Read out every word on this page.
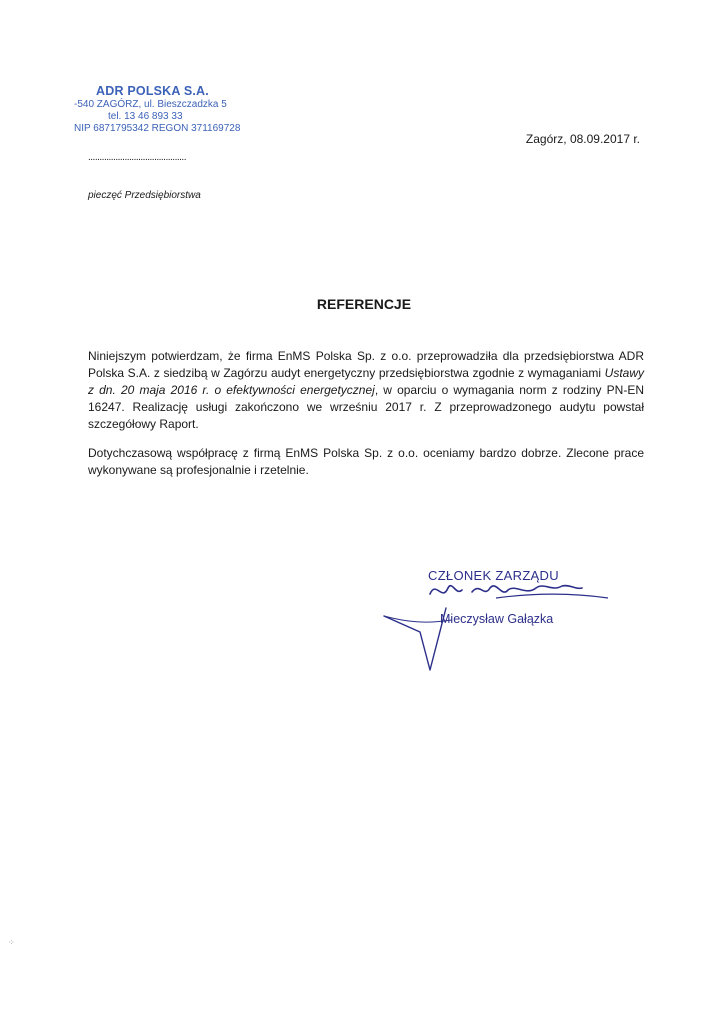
ADR POLSKA S.A.
-540 ZAGÓRZ, ul. Bieszczadzka 5
tel. 13 46 893 33
NIP 6871795342 REGON 371169728
Zagórz, 08.09.2017 r.
...........................................
pieczęć Przedsiębiorstwa
REFERENCJE

Niniejszym potwierdzam, że firma EnMS Polska Sp. z o.o. przeprowadziła dla przedsiębiorstwa ADR Polska S.A. z siedzibą w Zagórzu audyt energetyczny przedsiębiorstwa zgodnie z wymaganiami Ustawy z dn. 20 maja 2016 r. o efektywności energetycznej, w oparciu o wymagania norm z rodziny PN-EN 16247. Realizację usługi zakończono we wrześniu 2017 r. Z przeprowadzonego audytu powstał szczegółowy Raport.

Dotychczasową współpracę z firmą EnMS Polska Sp. z o.o. oceniamy bardzo dobrze. Zlecone prace wykonywane są profesjonalnie i rzetelnie.

CZŁONEK ZARZĄDU
Mieczysław Gałązka
⁘
